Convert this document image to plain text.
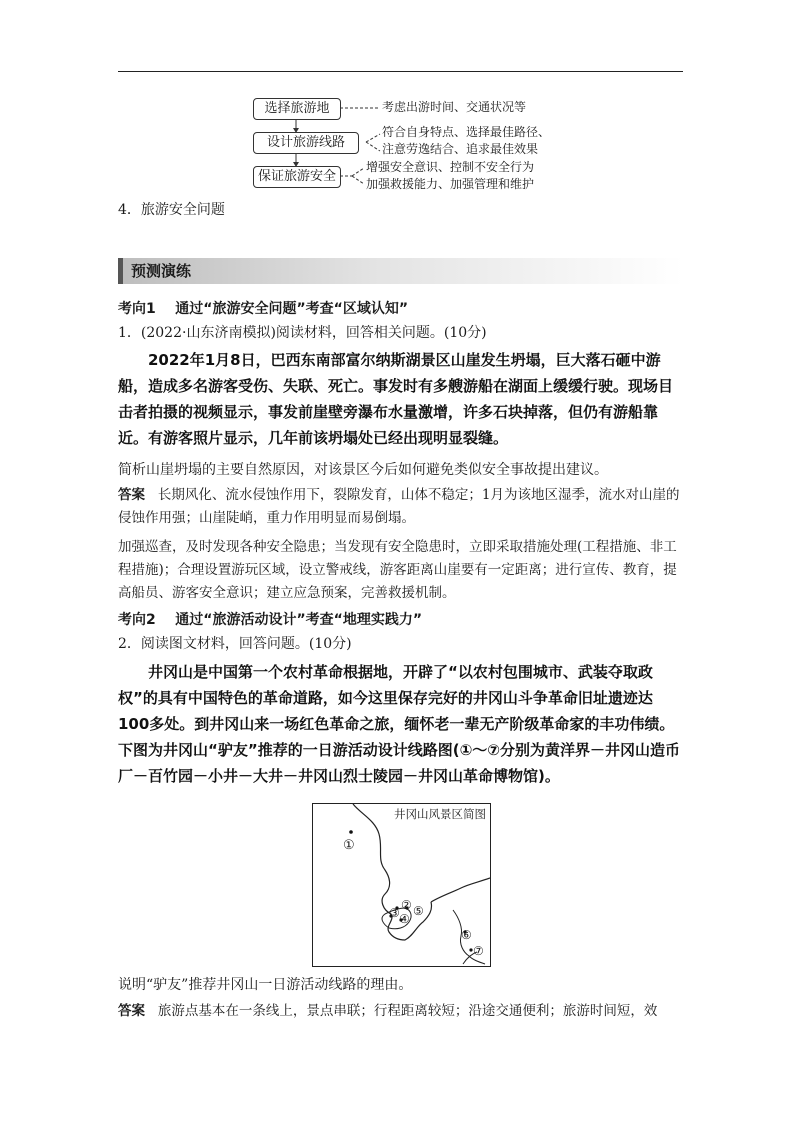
选择旅游地
设计旅游线路
保证旅游安全
考虑出游时间、交通状况等
符合自身特点、选择最佳路径、
注意劳逸结合、追求最佳效果
增强安全意识、控制不安全行为
加强救援能力、加强管理和维护
4．旅游安全问题
预测演练
考向1 通过“旅游安全问题”考查“区域认知”
1．(2022·山东济南模拟)阅读材料，回答相关问题。(10分)
2022年1月8日，巴西东南部富尔纳斯湖景区山崖发生坍塌，巨大落石砸中游船，造成多名游客受伤、失联、死亡。事发时有多艘游船在湖面上缓缓行驶。现场目击者拍摄的视频显示，事发前崖壁旁瀑布水量激增，许多石块掉落，但仍有游船靠近。有游客照片显示，几年前该坍塌处已经出现明显裂缝。
简析山崖坍塌的主要自然原因，对该景区今后如何避免类似安全事故提出建议。
答案 长期风化、流水侵蚀作用下，裂隙发育，山体不稳定；1月为该地区湿季，流水对山崖的侵蚀作用强；山崖陡峭，重力作用明显而易倒塌。
加强巡查，及时发现各种安全隐患；当发现有安全隐患时，立即采取措施处理(工程措施、非工程措施)；合理设置游玩区域，设立警戒线，游客距离山崖要有一定距离；进行宣传、教育，提高船员、游客安全意识；建立应急预案，完善救援机制。
考向2 通过“旅游活动设计”考查“地理实践力”
2．阅读图文材料，回答问题。(10分)
井冈山是中国第一个农村革命根据地，开辟了“以农村包围城市、武装夺取政权”的具有中国特色的革命道路，如今这里保存完好的井冈山斗争革命旧址遗迹达100多处。到井冈山来一场红色革命之旅，缅怀老一辈无产阶级革命家的丰功伟绩。下图为井冈山“驴友”推荐的一日游活动设计线路图(①～⑦分别为黄洋界－井冈山造币厂－百竹园－小井－大井－井冈山烈士陵园－井冈山革命博物馆)。
井冈山风景区简图
①
②
③ ④
⑤
⑥
⑦
说明“驴友”推荐井冈山一日游活动线路的理由。
答案 旅游点基本在一条线上，景点串联；行程距离较短；沿途交通便利；旅游时间短，效
